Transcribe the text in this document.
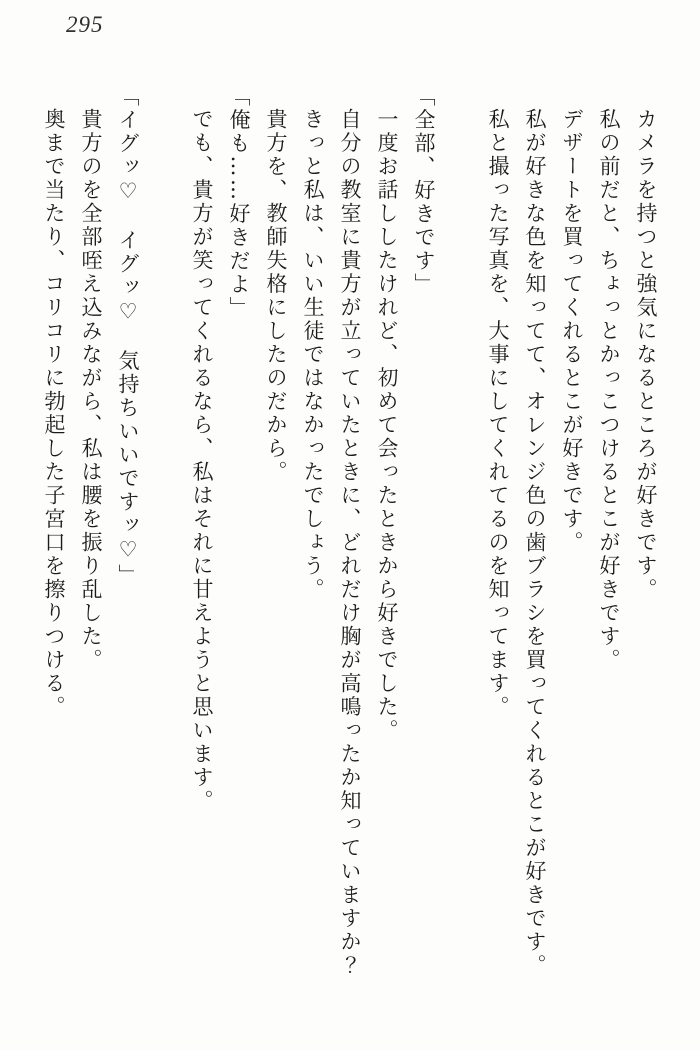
295

カメラを持つと強気になるところが好きです。

私の前だと、ちょっとかっこつけるとこが好きです。

デザートを買ってくれるとこが好きです。

私が好きな色を知ってて、オレンジ色の歯ブラシを買ってくれるとこが好きです。

私と撮った写真を、大事にしてくれてるのを知ってます。

「全部、好きです」

一度お話ししたけれど、初めて会ったときから好きでした。

自分の教室に貴方が立っていたときに、どれだけ胸が高鳴ったか知っていますか？

きっと私は、いい生徒ではなかったでしょう。

貴方を、教師失格にしたのだから。

「俺も……好きだよ」

でも、貴方が笑ってくれるなら、私はそれに甘えようと思います。

「イグッ♡　イグッ♡　気持ちいいですッ♡」

貴方のを全部咥え込みながら、私は腰を振り乱した。

奥まで当たり、コリコリに勃起した子宮口を擦りつける。
